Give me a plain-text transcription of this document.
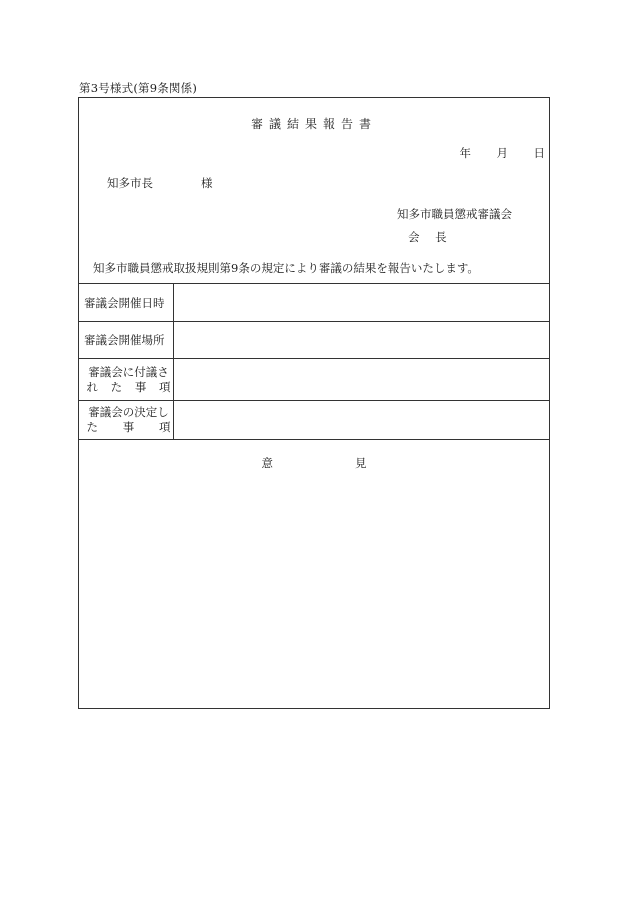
第3号様式(第9条関係)
審議結果報告書
年	月	日
知多市長	様
知多市職員懲戒審議会
会 長
知多市職員懲戒取扱規則第9条の規定により審議の結果を報告いたします。
審議会開催日時
審議会開催場所
審議会に付議さ
れ た 事 項
審議会の決定し
た 事 項
意	見
